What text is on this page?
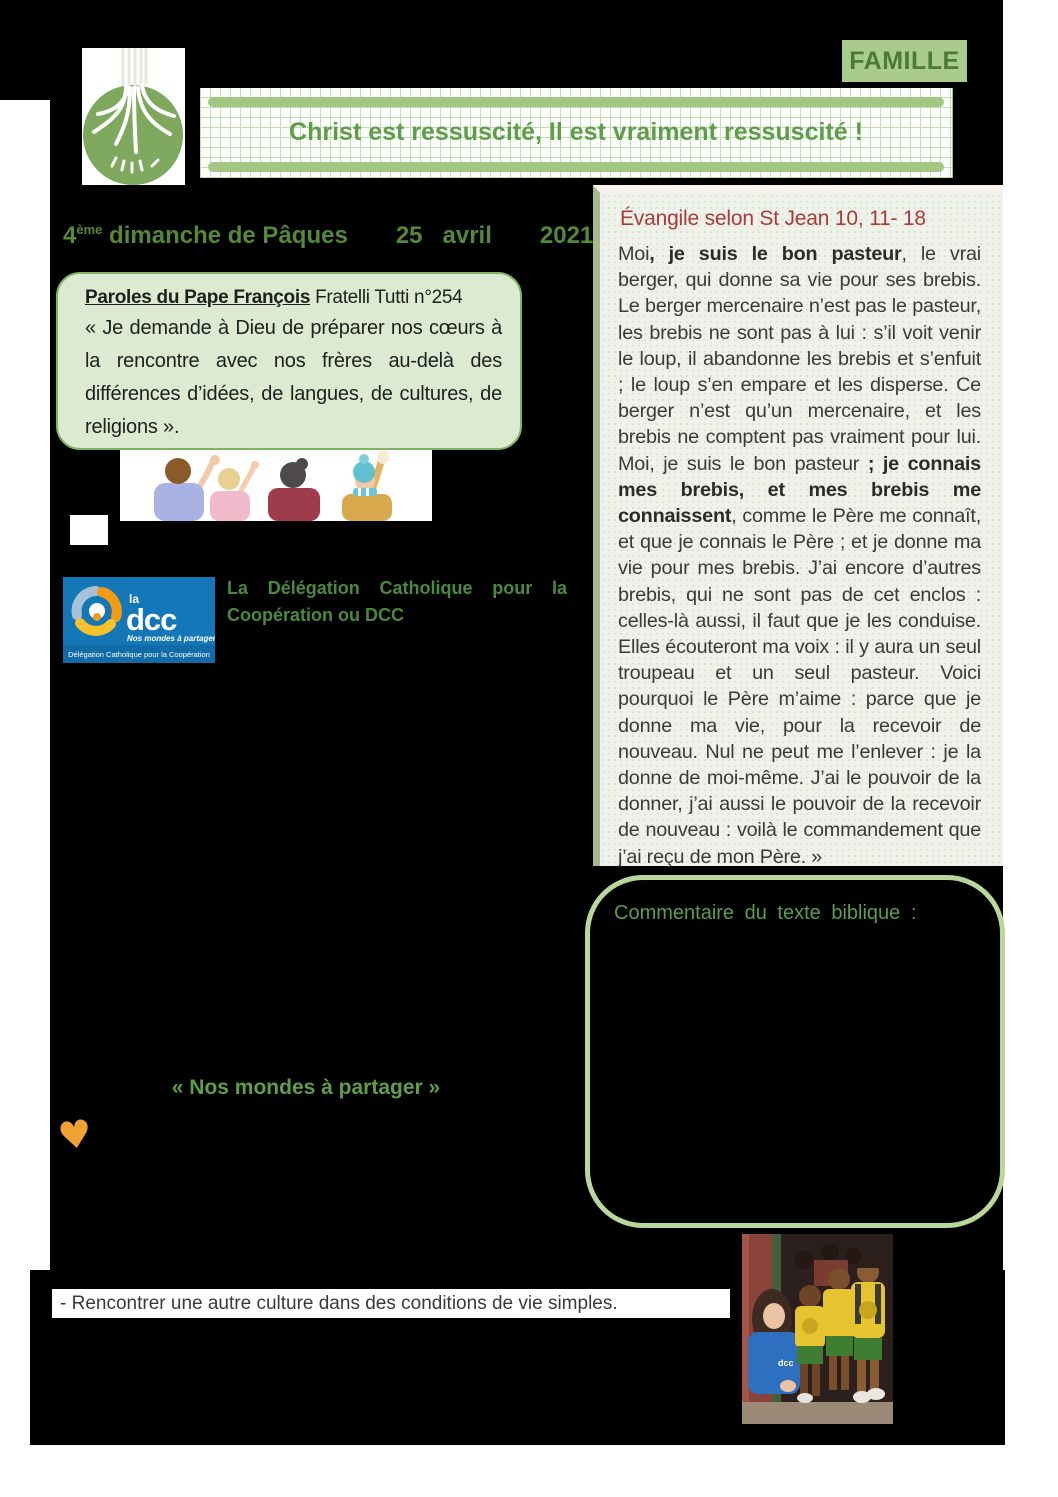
FAMILLE
Christ est ressuscité, Il est vraiment ressuscité !
4ème dimanche de Pâques 25 avril 2021
Paroles du Pape François Fratelli Tutti n°254

« Je demande à Dieu de préparer nos cœurs à la rencontre avec nos frères au-delà des différences d’idées, de langues, de cultures, de religions ».

la
dcc
Nos mondes à partager
Délégation Catholique pour la Coopération
La Délégation Catholique pour la Coopération ou DCC
Évangile selon St Jean 10, 11- 18

Moi, je suis le bon pasteur, le vrai berger, qui donne sa vie pour ses brebis. Le berger mercenaire n’est pas le pasteur, les brebis ne sont pas à lui : s’il voit venir le loup, il abandonne les brebis et s’enfuit ; le loup s’en empare et les disperse. Ce berger n’est qu’un mercenaire, et les brebis ne comptent pas vraiment pour lui. Moi, je suis le bon pasteur ; je connais mes brebis, et mes brebis me connaissent, comme le Père me connaît, et que je connais le Père ; et je donne ma vie pour mes brebis. J’ai encore d’autres brebis, qui ne sont pas de cet enclos : celles-là aussi, il faut que je les conduise. Elles écouteront ma voix : il y aura un seul troupeau et un seul pasteur. Voici pourquoi le Père m’aime : parce que je donne ma vie, pour la recevoir de nouveau. Nul ne peut me l’enlever : je la donne de moi-même. J’ai le pouvoir de la donner, j’ai aussi le pouvoir de la recevoir de nouveau : voilà le commandement que j’ai reçu de mon Père. »

Commentaire du texte biblique :
« Nos mondes à partager »
♥
- Rencontrer une autre culture dans des conditions de vie simples.
dcc
